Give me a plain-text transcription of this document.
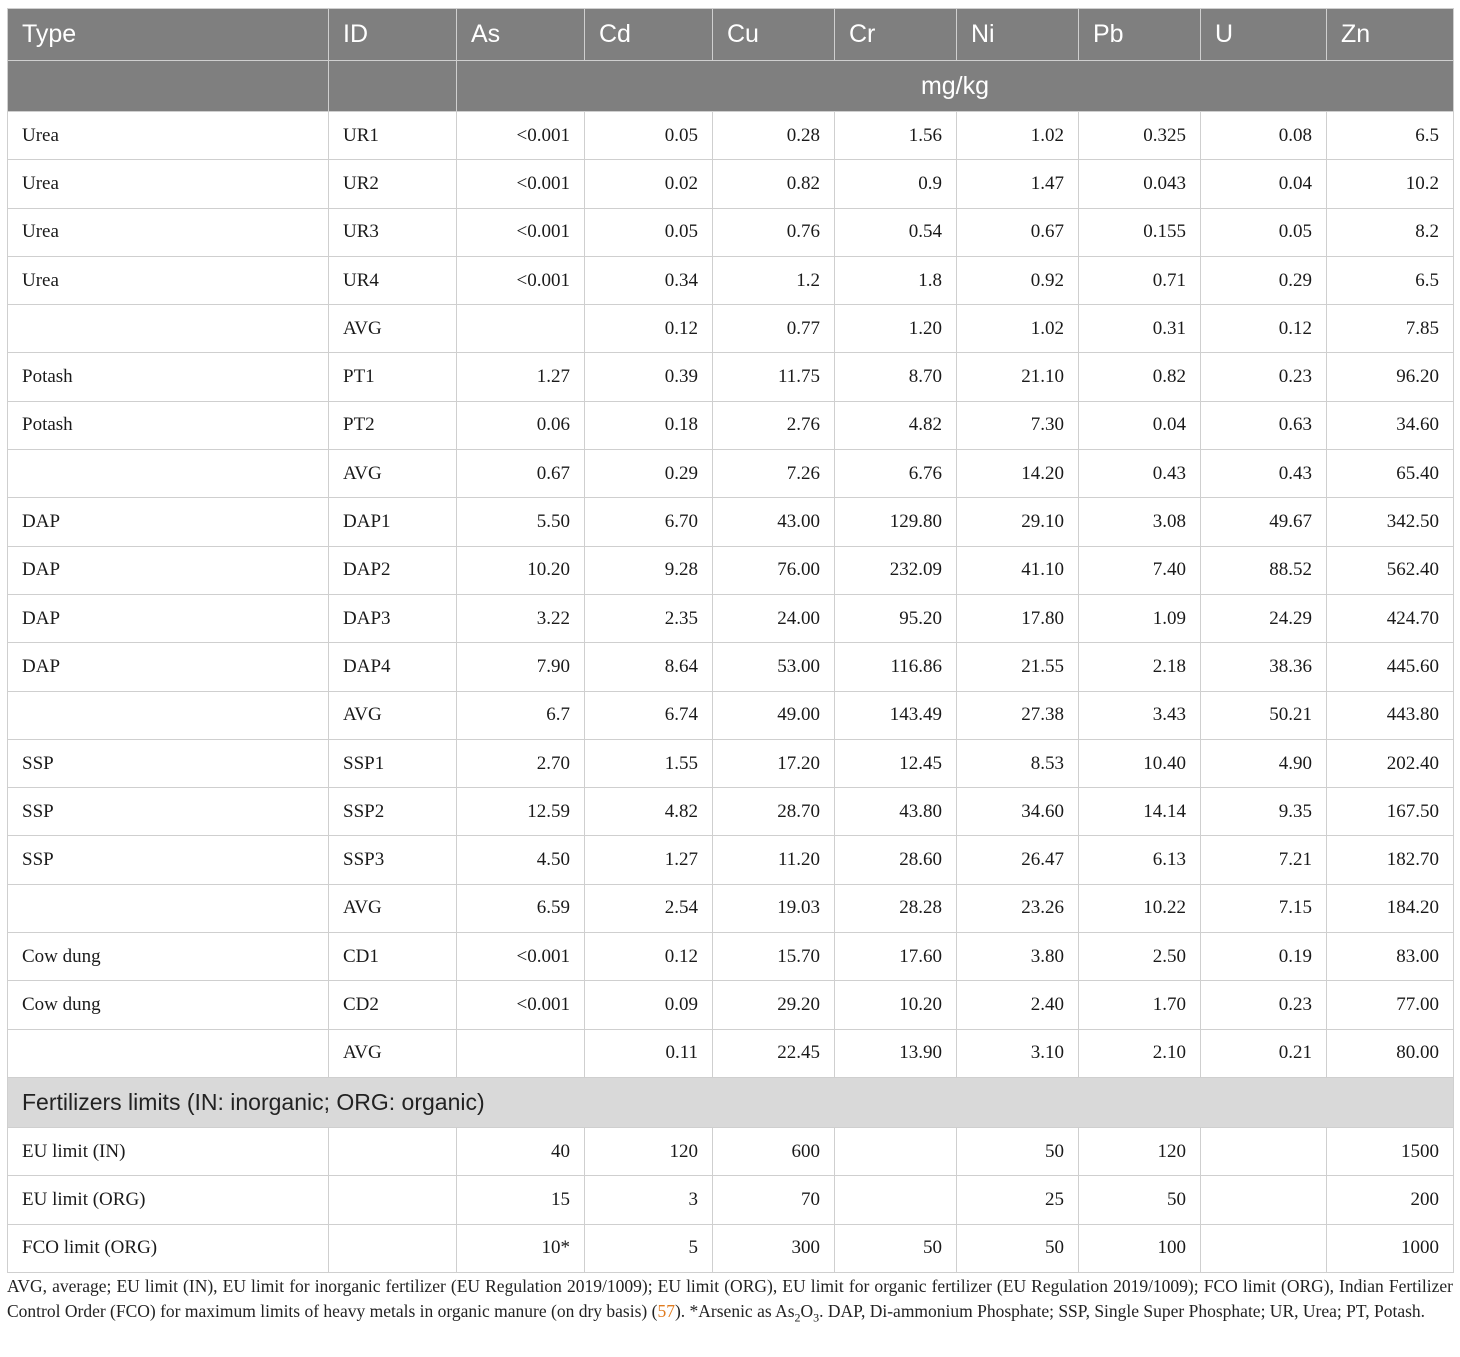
Type	ID	As	Cd	Cu	Cr	Ni	Pb	U	Zn
		mg/kg							
Urea	UR1	<0.001	0.05	0.28	1.56	1.02	0.325	0.08	6.5
Urea	UR2	<0.001	0.02	0.82	0.9	1.47	0.043	0.04	10.2
Urea	UR3	<0.001	0.05	0.76	0.54	0.67	0.155	0.05	8.2
Urea	UR4	<0.001	0.34	1.2	1.8	0.92	0.71	0.29	6.5
	AVG		0.12	0.77	1.20	1.02	0.31	0.12	7.85
Potash	PT1	1.27	0.39	11.75	8.70	21.10	0.82	0.23	96.20
Potash	PT2	0.06	0.18	2.76	4.82	7.30	0.04	0.63	34.60
	AVG	0.67	0.29	7.26	6.76	14.20	0.43	0.43	65.40
DAP	DAP1	5.50	6.70	43.00	129.80	29.10	3.08	49.67	342.50
DAP	DAP2	10.20	9.28	76.00	232.09	41.10	7.40	88.52	562.40
DAP	DAP3	3.22	2.35	24.00	95.20	17.80	1.09	24.29	424.70
DAP	DAP4	7.90	8.64	53.00	116.86	21.55	2.18	38.36	445.60
	AVG	6.7	6.74	49.00	143.49	27.38	3.43	50.21	443.80
SSP	SSP1	2.70	1.55	17.20	12.45	8.53	10.40	4.90	202.40
SSP	SSP2	12.59	4.82	28.70	43.80	34.60	14.14	9.35	167.50
SSP	SSP3	4.50	1.27	11.20	28.60	26.47	6.13	7.21	182.70
	AVG	6.59	2.54	19.03	28.28	23.26	10.22	7.15	184.20
Cow dung	CD1	<0.001	0.12	15.70	17.60	3.80	2.50	0.19	83.00
Cow dung	CD2	<0.001	0.09	29.20	10.20	2.40	1.70	0.23	77.00
	AVG		0.11	22.45	13.90	3.10	2.10	0.21	80.00
Fertilizers limits (IN: inorganic; ORG: organic)									
EU limit (IN)		40	120	600		50	120		1500
EU limit (ORG)		15	3	70		25	50		200
FCO limit (ORG)		10*	5	300	50	50	100		1000
AVG, average; EU limit (IN), EU limit for inorganic fertilizer (EU Regulation 2019/1009); EU limit (ORG), EU limit for organic fertilizer (EU Regulation 2019/1009); FCO limit (ORG), Indian Fertilizer Control Order (FCO) for maximum limits of heavy metals in organic manure (on dry basis) (57). *Arsenic as $As_2O_3$. DAP, Di-ammonium Phosphate; SSP, Single Super Phosphate; UR, Urea; PT, Potash.
